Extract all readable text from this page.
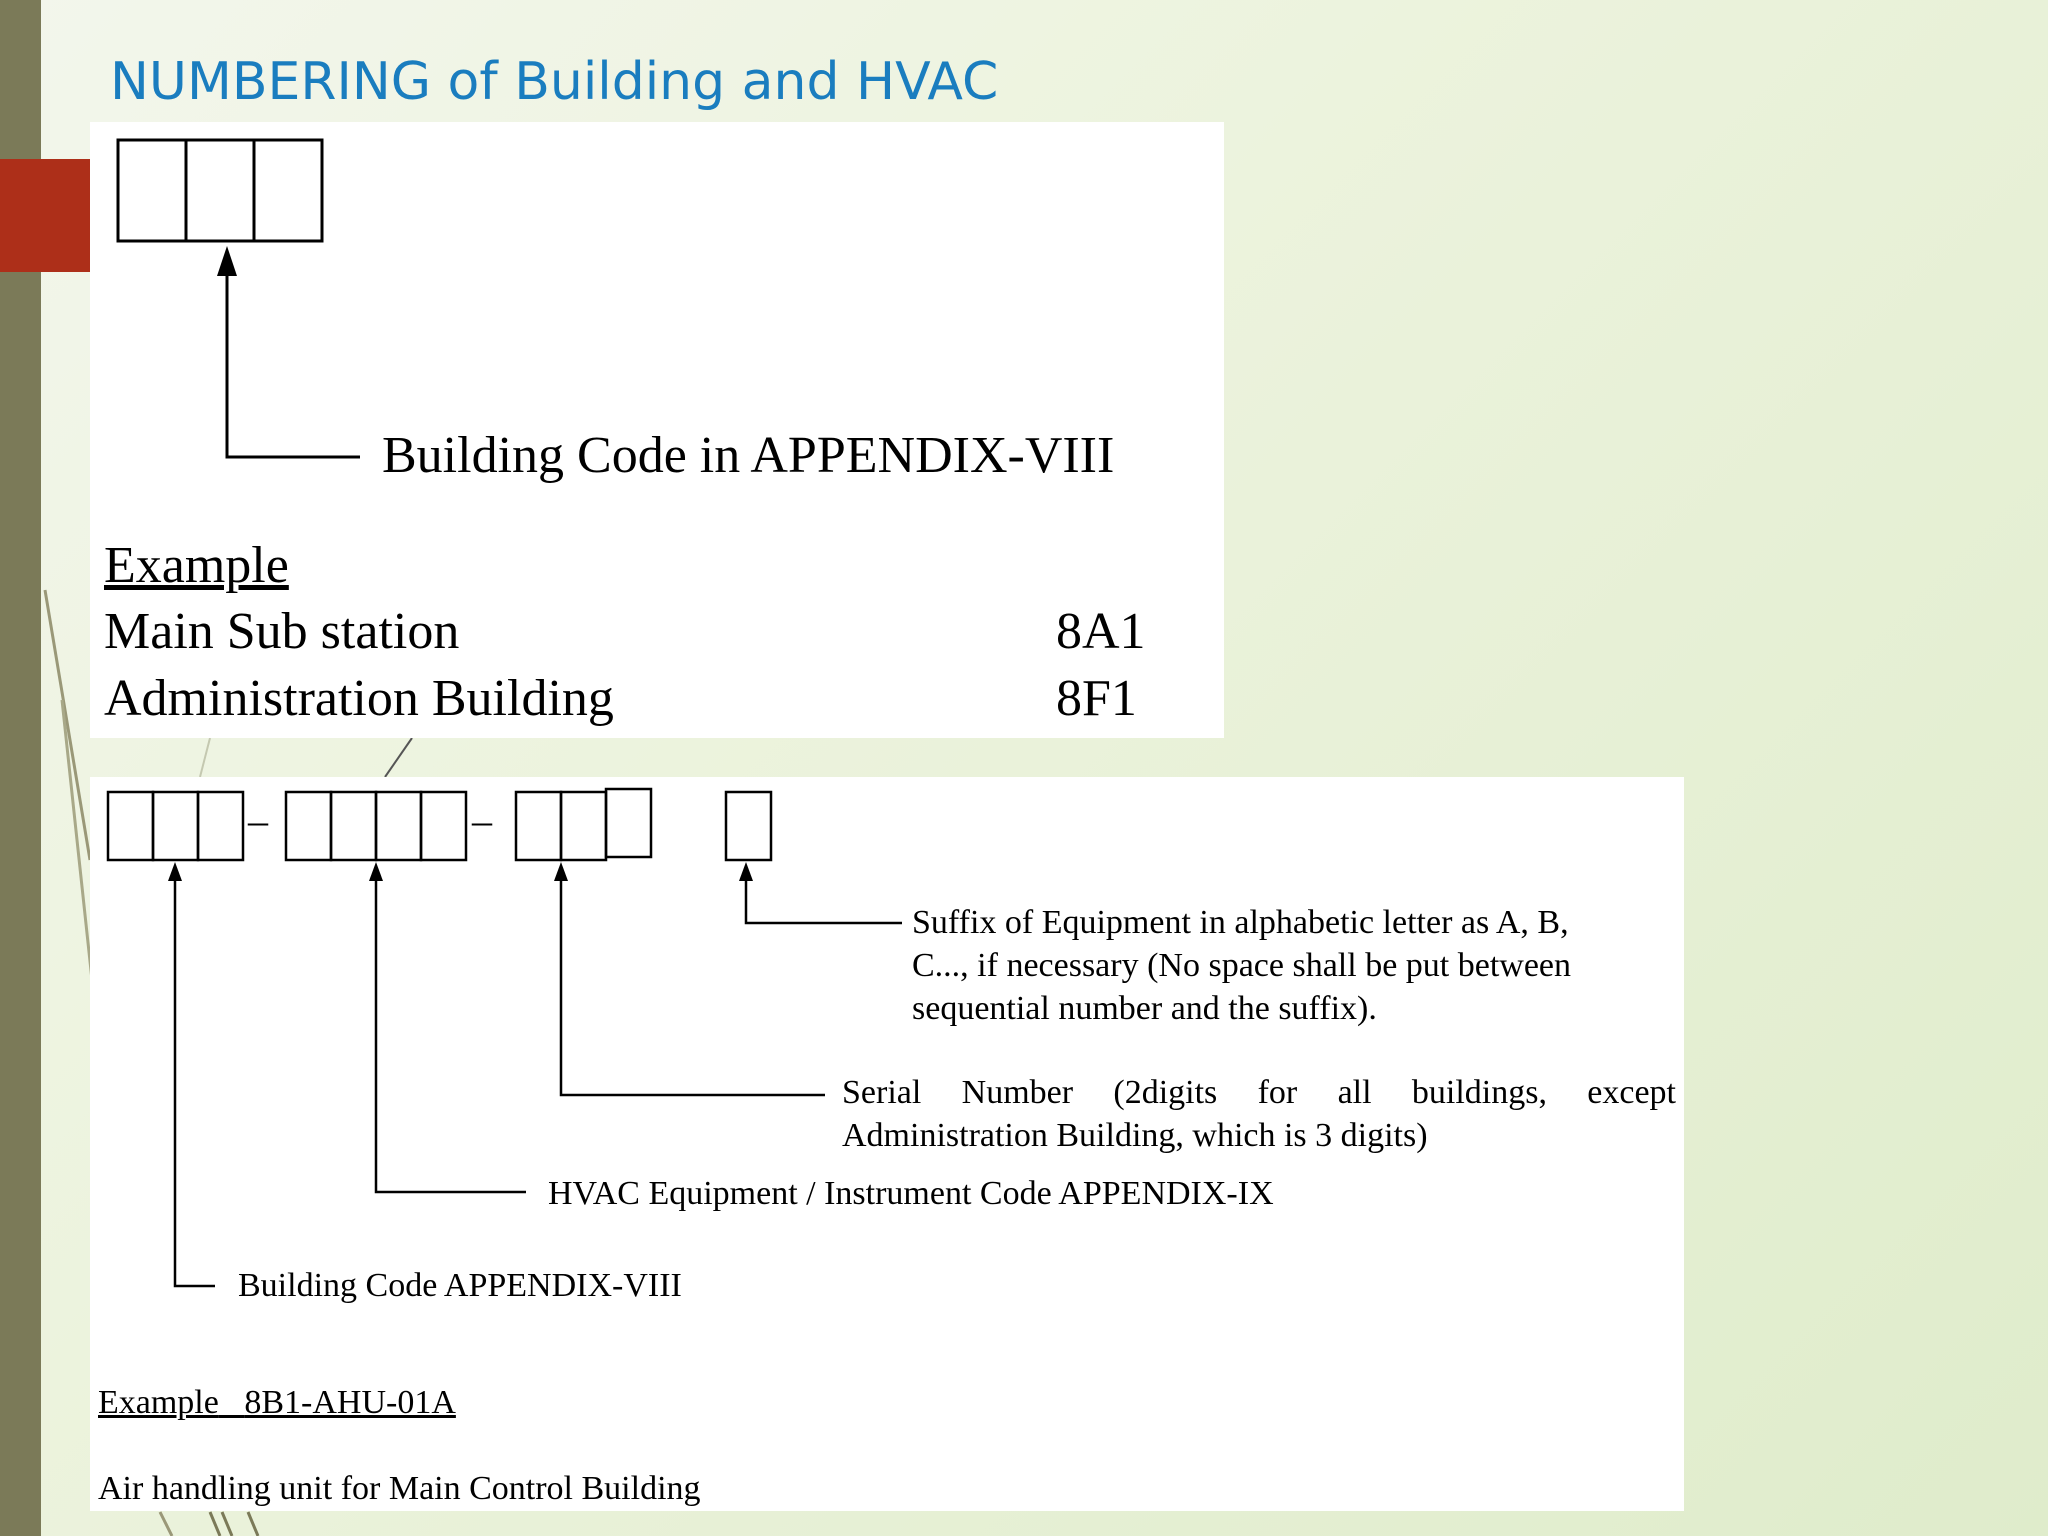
NUMBERING of Building and HVAC
Building Code in APPENDIX-VIII
Example
Main Sub station	8A1
Administration Building	8F1
–	–
Suffix of Equipment in alphabetic letter as A, B,
C..., if necessary (No space shall be put between
sequential number and the suffix).
Serial Number (2digits for all buildings, except
Administration Building, which is 3 digits)
HVAC Equipment / Instrument Code APPENDIX-IX
Building Code APPENDIX-VIII
Example 8B1-AHU-01A
Air handling unit for Main Control Building
